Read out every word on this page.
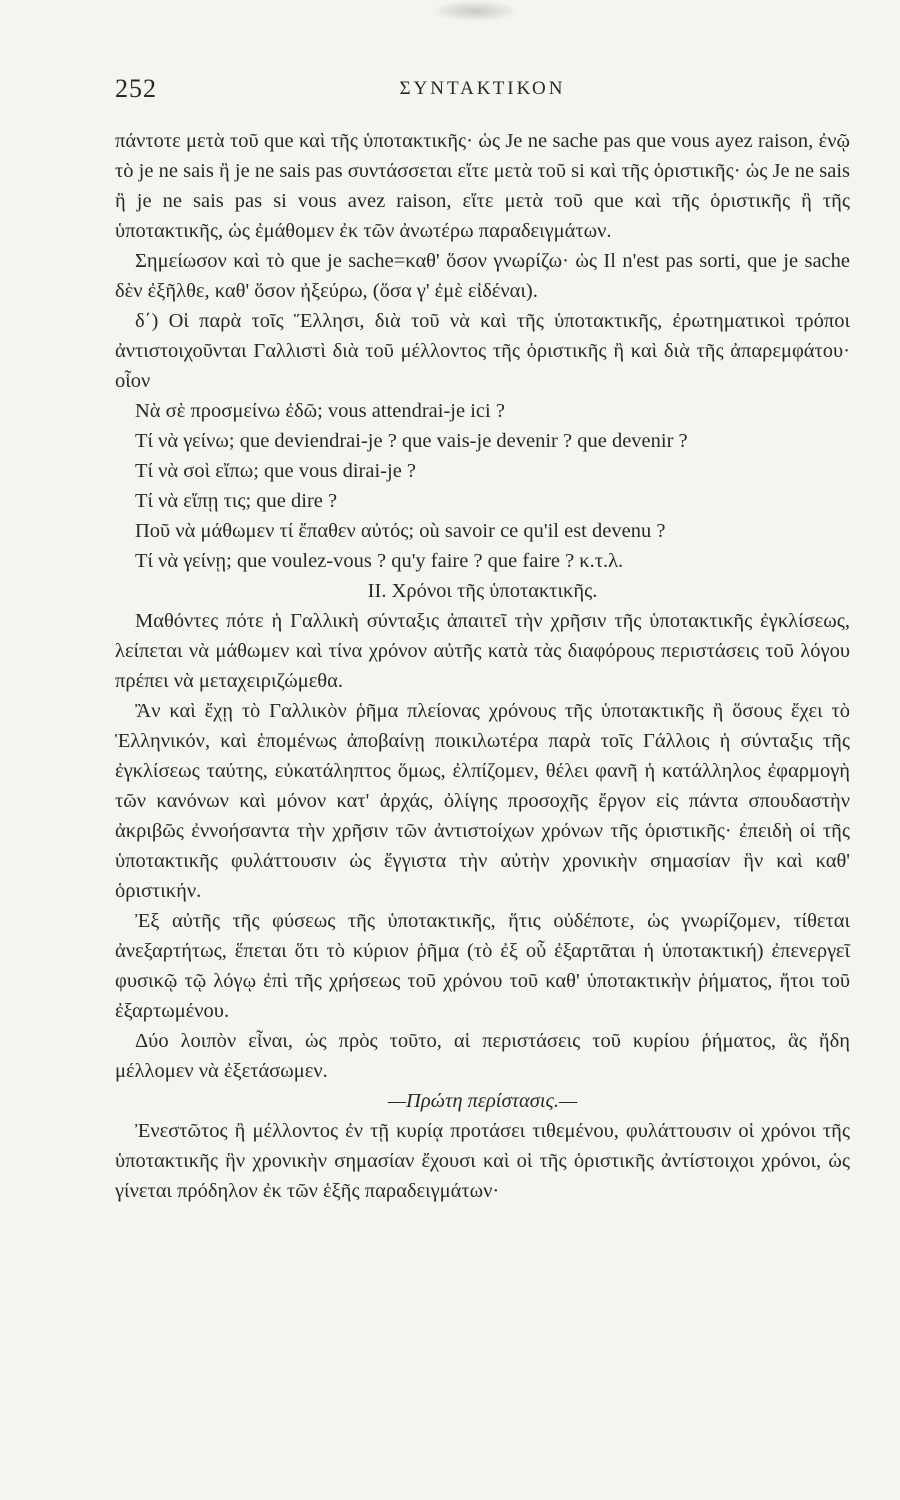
252	ΣΥΝΤΑΚΤΙΚΟΝ

πάντοτε μετὰ τοῦ que καὶ τῆς ὑποτακτικῆς· ὡς Je ne sache pas que vous ayez raison, ἐνῷ τὸ je ne sais ἢ je ne sais pas συντάσσεται εἴτε μετὰ τοῦ si καὶ τῆς ὁριστικῆς· ὡς Je ne sais ἢ je ne sais pas si vous avez raison, εἴτε μετὰ τοῦ que καὶ τῆς ὁριστικῆς ἢ τῆς ὑποτακτικῆς, ὡς ἐμάθομεν ἐκ τῶν ἀνωτέρω παραδειγμάτων.

Σημείωσον καὶ τὸ que je sache=καθ' ὅσον γνωρίζω· ὡς Il n'est pas sorti, que je sache δὲν ἐξῆλθε, καθ' ὅσον ἠξεύρω, (ὅσα γ' ἐμὲ εἰδέναι).

δ΄) Οἱ παρὰ τοῖς Ἕλλησι, διὰ τοῦ νὰ καὶ τῆς ὑποτακτικῆς, ἐρωτηματικοὶ τρόποι ἀντιστοιχοῦνται Γαλλιστὶ διὰ τοῦ μέλλοντος τῆς ὁριστικῆς ἢ καὶ διὰ τῆς ἀπαρεμφάτου· οἷον

Νὰ σὲ προσμείνω ἐδῶ; vous attendrai-je ici ?

Τί νὰ γείνω; que deviendrai-je ? que vais-je devenir ? que devenir ?

Τί νὰ σοὶ εἴπω; que vous dirai-je ?

Τί νὰ εἴπῃ τις; que dire ?

Ποῦ νὰ μάθωμεν τί ἔπαθεν αὐτός; où savoir ce qu'il est devenu ?

Τί νὰ γείνῃ; que voulez-vous ? qu'y faire ? que faire ? κ.τ.λ.

ΙΙ. Χρόνοι τῆς ὑποτακτικῆς.

Μαθόντες πότε ἡ Γαλλικὴ σύνταξις ἀπαιτεῖ τὴν χρῆσιν τῆς ὑποτακτικῆς ἐγκλίσεως, λείπεται νὰ μάθωμεν καὶ τίνα χρόνον αὐτῆς κατὰ τὰς διαφόρους περιστάσεις τοῦ λόγου πρέπει νὰ μεταχειριζώμεθα.

Ἂν καὶ ἔχῃ τὸ Γαλλικὸν ῥῆμα πλείονας χρόνους τῆς ὑποτακτικῆς ἢ ὅσους ἔχει τὸ Ἑλληνικόν, καὶ ἑπομένως ἀποβαίνῃ ποικιλωτέρα παρὰ τοῖς Γάλλοις ἡ σύνταξις τῆς ἐγκλίσεως ταύτης, εὐκατάληπτος ὅμως, ἐλπίζομεν, θέλει φανῆ ἡ κατάλληλος ἐφαρμογὴ τῶν κανόνων καὶ μόνον κατ' ἀρχάς, ὀλίγης προσοχῆς ἔργον εἰς πάντα σπουδαστὴν ἀκριβῶς ἐννοήσαντα τὴν χρῆσιν τῶν ἀντιστοίχων χρόνων τῆς ὁριστικῆς· ἐπειδὴ οἱ τῆς ὑποτακτικῆς φυλάττουσιν ὡς ἔγγιστα τὴν αὐτὴν χρονικὴν σημασίαν ἣν καὶ καθ' ὁριστικήν.

Ἐξ αὐτῆς τῆς φύσεως τῆς ὑποτακτικῆς, ἥτις οὐδέποτε, ὡς γνωρίζομεν, τίθεται ἀνεξαρτήτως, ἕπεται ὅτι τὸ κύριον ῥῆμα (τὸ ἐξ οὗ ἐξαρτᾶται ἡ ὑποτακτική) ἐπενεργεῖ φυσικῷ τῷ λόγῳ ἐπὶ τῆς χρήσεως τοῦ χρόνου τοῦ καθ' ὑποτακτικὴν ῥήματος, ἤτοι τοῦ ἐξαρτωμένου.

Δύο λοιπὸν εἶναι, ὡς πρὸς τοῦτο, αἱ περιστάσεις τοῦ κυρίου ῥήματος, ἃς ἤδη μέλλομεν νὰ ἐξετάσωμεν.

—Πρώτη περίστασις.—

Ἐνεστῶτος ἢ μέλλοντος ἐν τῇ κυρίᾳ προτάσει τιθεμένου, φυλάττουσιν οἱ χρόνοι τῆς ὑποτακτικῆς ἣν χρονικὴν σημασίαν ἔχουσι καὶ οἱ τῆς ὁριστικῆς ἀντίστοιχοι χρόνοι, ὡς γίνεται πρόδηλον ἐκ τῶν ἑξῆς παραδειγμάτων·
